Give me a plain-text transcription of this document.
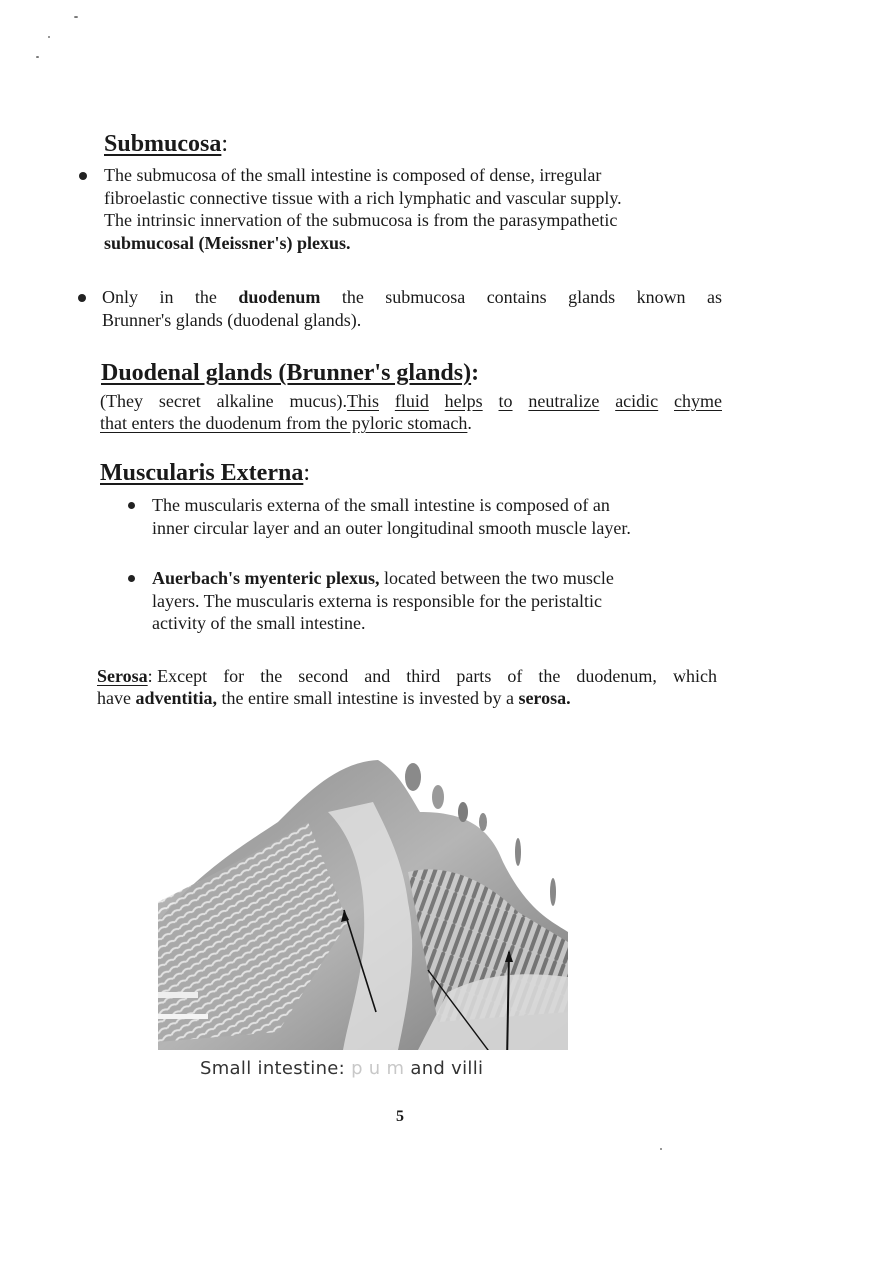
Submucosa:
The submucosa of the small intestine is composed of dense, irregular
fibroelastic connective tissue with a rich lymphatic and vascular supply.
The intrinsic innervation of the submucosa is from the parasympathetic
submucosal (Meissner's) plexus.
Only in the duodenum the submucosa contains glands known as
Brunner's glands (duodenal glands).
Duodenal glands (Brunner's glands):
(They secret alkaline mucus).This fluid helps to neutralize acidic chyme
that enters the duodenum from the pyloric stomach.
Muscularis Externa:
The muscularis externa of the small intestine is composed of an
inner circular layer and an outer longitudinal smooth muscle layer.
Auerbach's myenteric plexus, located between the two muscle
layers. The muscularis externa is responsible for the peristaltic
activity of the small intestine.
Serosa: Except for the second and third parts of the duodenum, which
have adventitia, the entire small intestine is invested by a serosa.
Small intestine: p u m and villi
5
